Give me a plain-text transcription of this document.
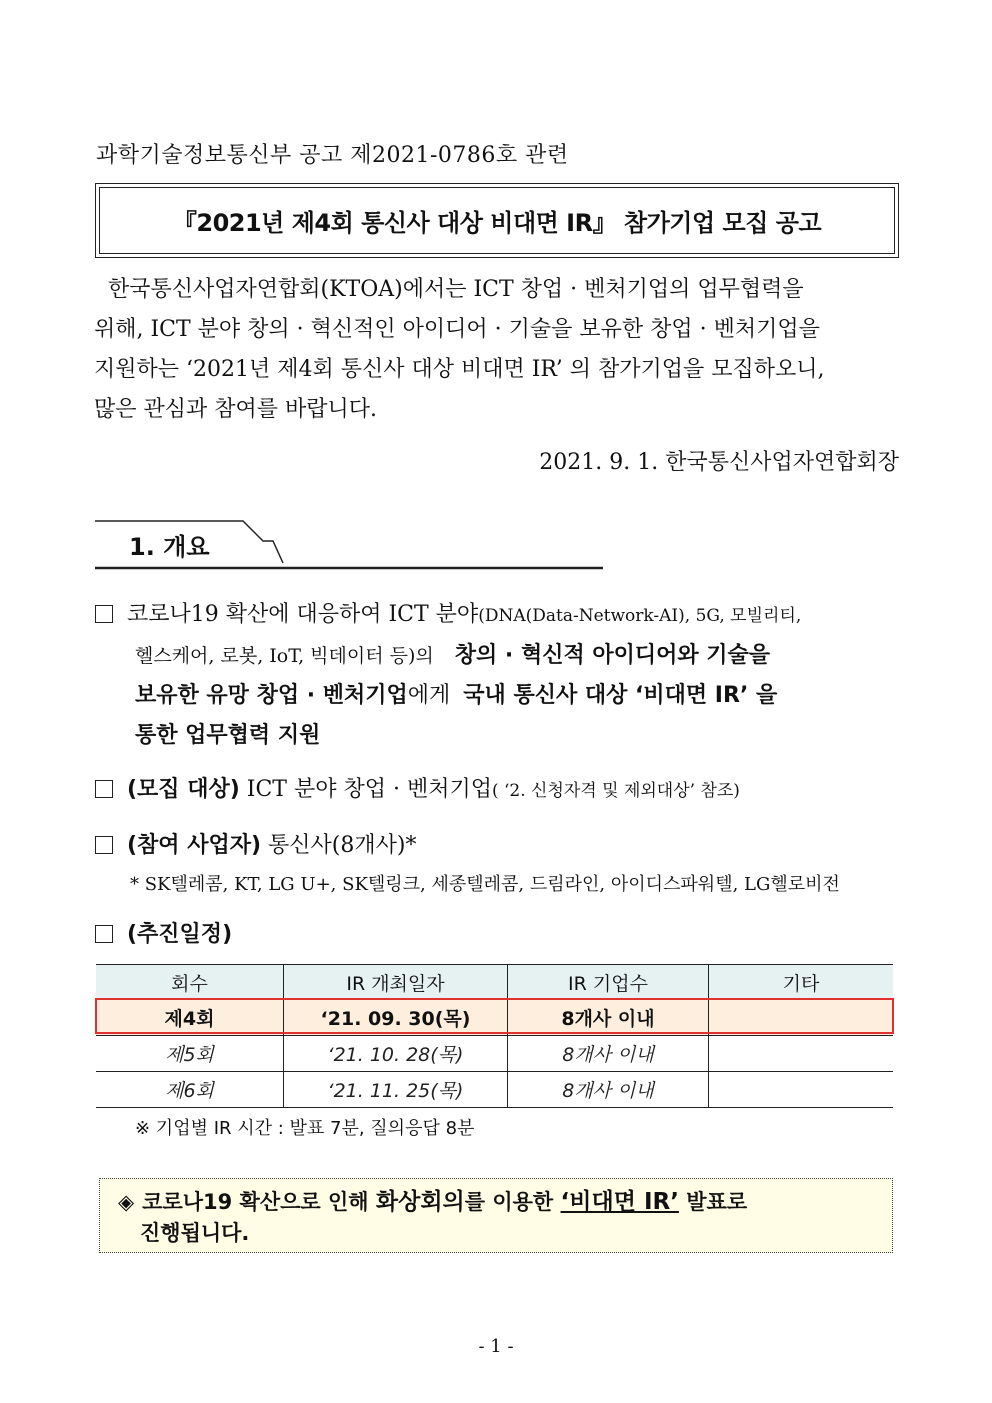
과학기술정보통신부 공고 제2021-0786호 관련
『2021년 제4회 통신사 대상 비대면 IR』 참가기업 모집 공고
한국통신사업자연합회(KTOA)에서는 ICT 창업 · 벤처기업의 업무협력을
위해, ICT 분야 창의 · 혁신적인 아이디어 · 기술을 보유한 창업 · 벤처기업을
지원하는 ‘2021년 제4회 통신사 대상 비대면 IR’ 의 참가기업을 모집하오니,
많은 관심과 참여를 바랍니다.
2021. 9. 1. 한국통신사업자연합회장
1. 개요
코로나19 확산에 대응하여 ICT 분야(DNA(Data-Network-AI), 5G, 모빌리티,
헬스케어, 로봇, IoT, 빅데이터 등)의 창의 · 혁신적 아이디어와 기술을
보유한 유망 창업 · 벤처기업에게 국내 통신사 대상 ‘비대면 IR’ 을
통한 업무협력 지원
(모집 대상) ICT 분야 창업 · 벤처기업( ‘2. 신청자격 및 제외대상’ 참조)
(참여 사업자) 통신사(8개사)*
* SK텔레콤, KT, LG U+, SK텔링크, 세종텔레콤, 드림라인, 아이디스파워텔, LG헬로비전
(추진일정)
회수	IR 개최일자	IR 기업수	기타
제4회	‘21. 09. 30(목)	8개사 이내	
제5회	‘21. 10. 28(목)	8개사 이내	
제6회	‘21. 11. 25(목)	8개사 이내	
※ 기업별 IR 시간 : 발표 7분, 질의응답 8분
◈ 코로나19 확산으로 인해 화상회의를 이용한 ‘비대면 IR’ 발표로
진행됩니다.
- 1 -
